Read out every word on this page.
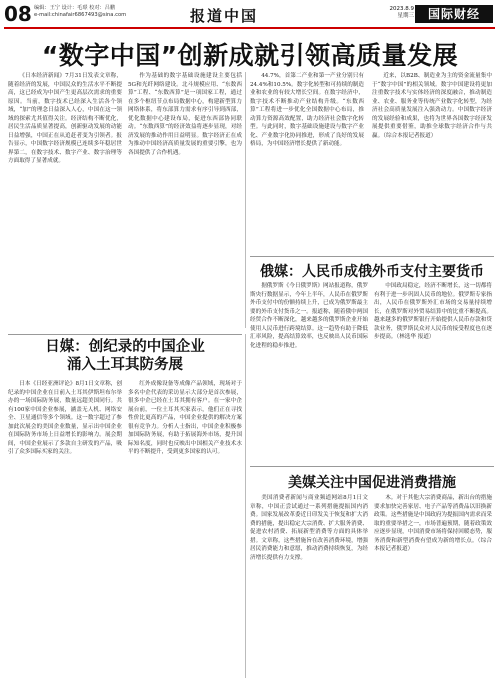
08 编辑：王宁 设计：毛璟 校对：吕鹏
e-mail:chinafair6867493@sina.com	报道中国	2023.8.9
星期三	国际财经
“数字中国”创新成就引领高质量发展

《日本经济新闻》7月31日发表文章称，随着经济的发展，中国民众的生活水平不断提高，这已经成为中国产生更高层次需求的重要原因。当前，数字技术已经深入生活各个领域，“加”的理念日益深入人心，中国在这一领域的探索尤其值得关注。经济结构不断优化，居民生活品质显著提高，创新驱动发展的动能日益增强，中国正在从追赶者变为引领者。报告显示，中国数字经济规模已连续多年稳居世界第二，在数字技术、数字产业、数字治理等方面取得了显著成就。

作为基础的数字基础设施建设主要包括5G和光纤网络建设。北斗规模应用、“东数西算”工程、“东数西算”是一项国家工程，通过在多个枢纽节点布局数据中心，构建新型算力网络体系，将东部算力需求有序引导到西部，优化数据中心建设布局，促进东西部协同联动。“东数西算”的经济效益将逐步显现，对经济发展的推动作用日益明显。数字经济正在成为推动中国经济高质量发展的重要引擎，也为各国提供了合作机遇。

44.7%，首第二产业和第一产业分别只有24.4%和10.5%。数字化转型和可持续的制造业和农业的有较大增长空间。在数字经济中，数字技术不断推动产业结构升级。“东数西算”工程将进一步优化全国数据中心布局，推动算力资源高效配置，助力经济社会数字化转型。与此同时，数字基础设施建设与数字产业化、产业数字化协同推进，形成了良好的发展格局，为中国经济增长提供了新动能。

近来，以B2B、制造业为主的资金流量集中于“数字中国”的相关领域。数字中国建设将更加注重数字技术与实体经济的深度融合，推动制造业、农业、服务业等传统产业数字化转型，为经济社会高质量发展注入强劲动力。中国数字经济的发展经验和成果，也将为世界各国数字经济发展提供重要借鉴，助推全球数字经济合作与共赢。（综合本报记者报道）

俄媒：人民币成俄外币支付主要货币

据俄罗斯《今日俄罗斯》网站报道称，俄罗斯央行数据显示，今年上半年，人民币在俄罗斯外币支付中的份额持续上升，已成为俄罗斯最主要的外币支付货币之一。报道称，随着俄中两国经贸合作不断深化，越来越多的俄罗斯企业开始使用人民币进行跨境结算。这一趋势有助于降低汇率风险，提高结算效率，也反映出人民币国际化进程的稳步推进。

中国政局稳定，经济不断增长，这一切都将有利于进一步巩固人民币的地位。俄罗斯专家指出，人民币在俄罗斯外汇市场的交易量持续增长，在俄罗斯对外贸易结算中的比重不断提高。越来越多的俄罗斯银行开始提供人民币存款和贷款业务，俄罗斯民众对人民币的接受程度也在逐步提高。（林选华 报道）

日媒：创纪录的中国企业
涌入土耳其防务展

日本《日经亚洲评论》8月1日文章称，创纪录的中国企业在日前入土耳其伊斯坦布尔举办的一场国际防务展，数量远超美国同行。共有100家中国企业参展，涵盖无人机、网络安全、卫星通信等多个领域。这一数字超过了参加此次展会的美国企业数量，显示出中国企业在国际防务市场上日益增长的影响力。展会期间，中国企业展示了多款自主研发的产品，吸引了众多国际买家的关注。

红外成像设备等成像产品领域，现场对于多名中企代表的采访显示大部分是首次参展，很多中企已经在土耳其拥有客户。在一家中企展台前，一位土耳其买家表示，他们正在寻找性价比更高的产品，中国企业提供的解决方案很有竞争力。分析人士指出，中国企业积极参加国际防务展，有助于拓展海外市场，提升国际知名度，同时也反映出中国相关产业技术水平的不断提升，受到更多国家的认可。

美媒关注中国促进消费措施

美国消费者新闻与商业频道网站8月1日文章称，中国正尝试通过一系列措施提振国内消费。国家发展改革委近日印发关于恢复和扩大消费的措施，提出稳定大宗消费、扩大服务消费、促进农村消费、拓展新型消费等方面的具体举措。文章称，这些措施旨在改善消费环境，增强居民消费能力和意愿，推动消费持续恢复，为经济增长提供有力支撑。

木。对于其他大宗消费商品，新出台的措施要求加快完善家居、电子产品等消费品以旧换新政策。这些措施是中国政府为提振国内需求而采取的重要举措之一，市场普遍预期，随着政策效应逐步显现，中国消费市场将保持回暖态势，服务消费和新型消费有望成为新的增长点。（综合本报记者报道）
